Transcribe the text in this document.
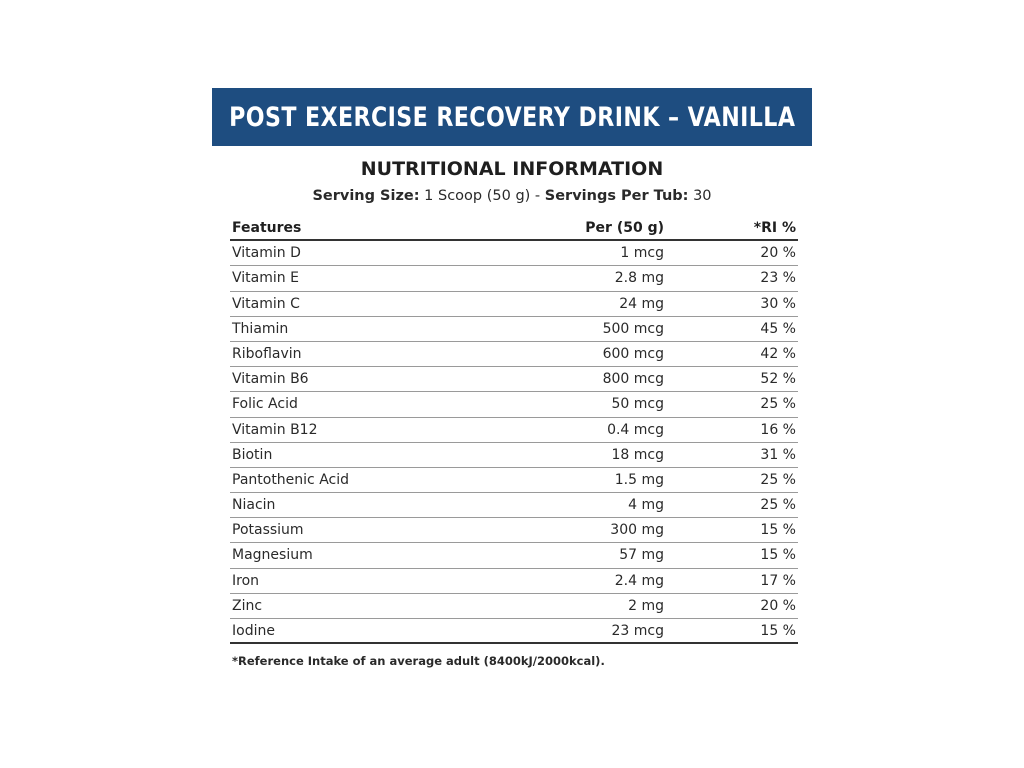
POST EXERCISE RECOVERY DRINK – VANILLA
NUTRITIONAL INFORMATION
Serving Size: 1 Scoop (50 g) - Servings Per Tub: 30
Features	Per (50 g)	*RI %
Vitamin D	1 mcg	20 %
Vitamin E	2.8 mg	23 %
Vitamin C	24 mg	30 %
Thiamin	500 mcg	45 %
Riboflavin	600 mcg	42 %
Vitamin B6	800 mcg	52 %
Folic Acid	50 mcg	25 %
Vitamin B12	0.4 mcg	16 %
Biotin	18 mcg	31 %
Pantothenic Acid	1.5 mg	25 %
Niacin	4 mg	25 %
Potassium	300 mg	15 %
Magnesium	57 mg	15 %
Iron	2.4 mg	17 %
Zinc	2 mg	20 %
Iodine	23 mcg	15 %
*Reference Intake of an average adult (8400kJ/2000kcal).
